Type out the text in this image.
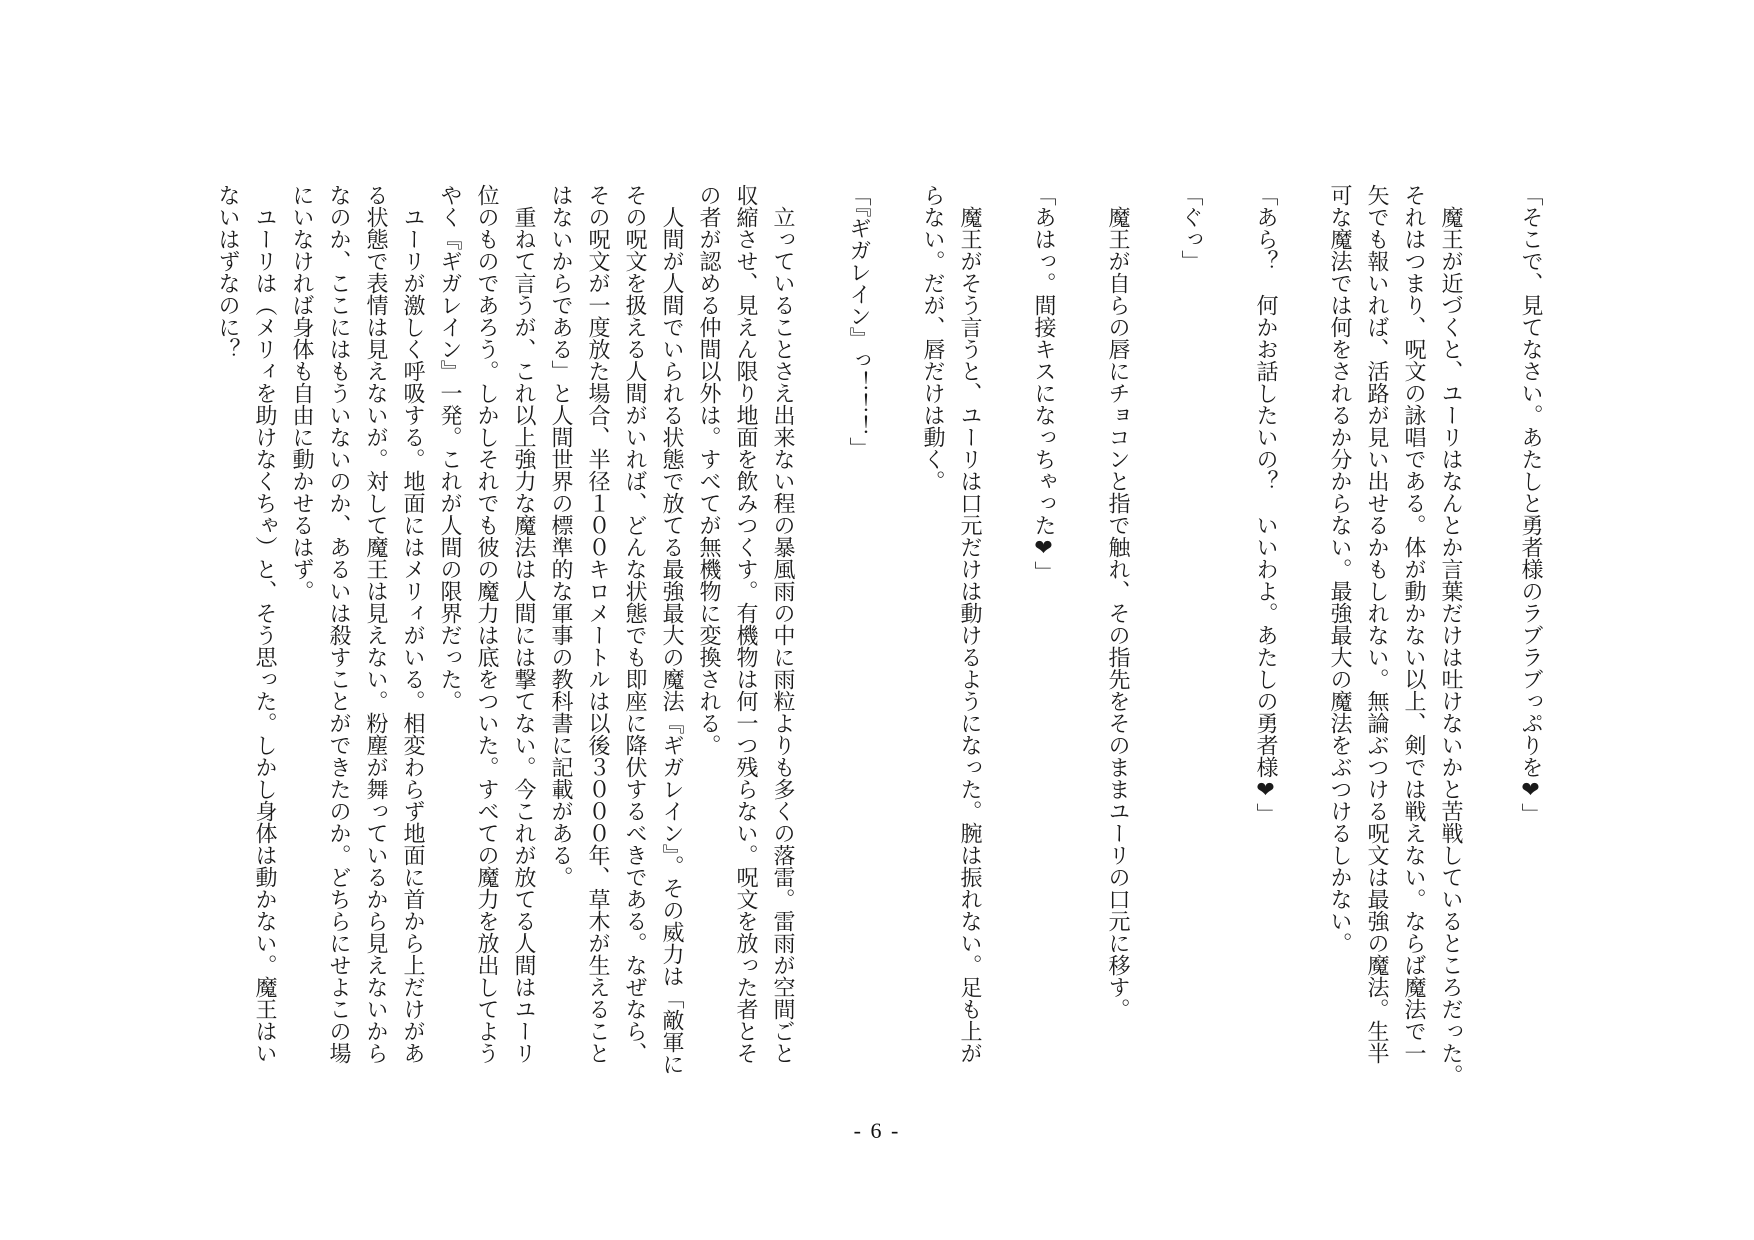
「そこで、見てなさい。あたしと勇者様のラブラブっぷりを❤」
　魔王が近づくと、ユーリはなんとか言葉だけは吐けないかと苦戦しているところだった。
それはつまり、呪文の詠唱である。体が動かない以上、剣では戦えない。ならば魔法で一
矢でも報いれば、活路が見い出せるかもしれない。無論ぶつける呪文は最強の魔法。生半
可な魔法では何をされるか分からない。最強最大の魔法をぶつけるしかない。
「あら？　何かお話したいの？　いいわよ。あたしの勇者様❤」
「ぐっ」
　魔王が自らの唇にチョコンと指で触れ、その指先をそのままユーリの口元に移す。
「あはっ。間接キスになっちゃった❤」
　魔王がそう言うと、ユーリは口元だけは動けるようになった。腕は振れない。足も上が
らない。だが、唇だけは動く。
「『ギガレイン』っ！！！」
　立っていることさえ出来ない程の暴風雨の中に雨粒よりも多くの落雷。雷雨が空間ごと
収縮させ、見えん限り地面を飲みつくす。有機物は何一つ残らない。呪文を放った者とそ
の者が認める仲間以外は。すべてが無機物に変換される。
　人間が人間でいられる状態で放てる最強最大の魔法『ギガレイン』。その威力は「敵軍に
その呪文を扱える人間がいれば、どんな状態でも即座に降伏するべきである。なぜなら、
その呪文が一度放た場合、半径１００キロメートルは以後３０００年、草木が生えること
はないからである」と人間世界の標準的な軍事の教科書に記載がある。
　重ねて言うが、これ以上強力な魔法は人間には撃てない。今これが放てる人間はユーリ
位のものであろう。しかしそれでも彼の魔力は底をついた。すべての魔力を放出してよう
やく『ギガレイン』一発。これが人間の限界だった。
　ユーリが激しく呼吸する。地面にはメリィがいる。相変わらず地面に首から上だけがあ
る状態で表情は見えないが。対して魔王は見えない。粉塵が舞っているから見えないから
なのか、ここにはもういないのか、あるいは殺すことができたのか。どちらにせよこの場
にいなければ身体も自由に動かせるはず。
　ユーリは（メリィを助けなくちゃ）と、そう思った。しかし身体は動かない。魔王はい
ないはずなのに？
- 6 -
